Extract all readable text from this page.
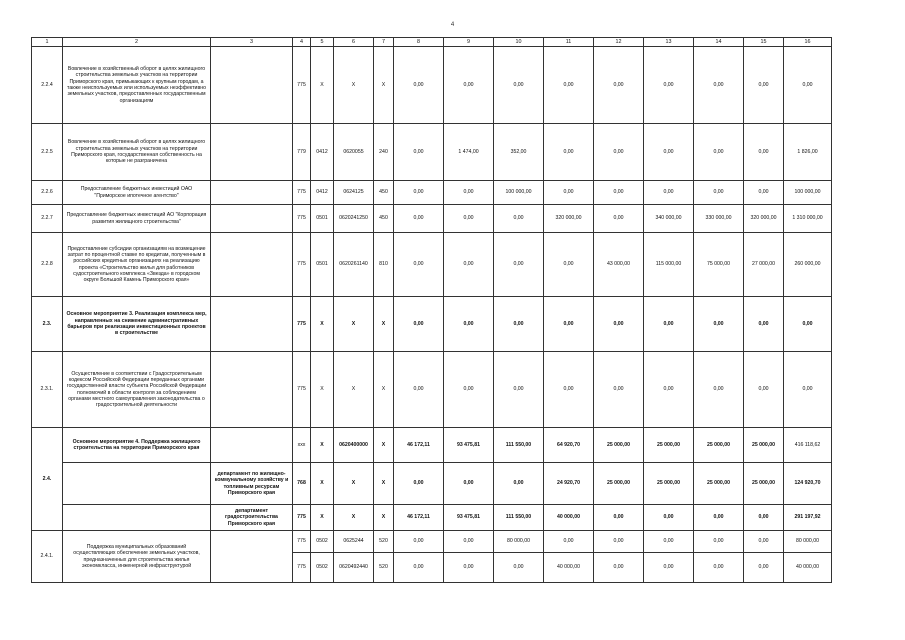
4
1	2	3	4	5	6	7	8	9	10	11	12	13	14	15	16
2.2.4	Вовлечение в хозяйственный оборот в целях жилищного строительства земельных участков на территории Приморского края, примыкающих к крупным городам, а также неиспользуемых или используемых неэффективно земельных участков, предоставленных государственным организациям		775	X	X	X	0,00	0,00	0,00	0,00	0,00	0,00	0,00	0,00	0,00
2.2.5	Вовлечение в хозяйственный оборот в целях жилищного строительства земельных участков на территории Приморского края, государственная собственность на которые не разграничена		779	0412	0620055	240	0,00	1 474,00	352,00	0,00	0,00	0,00	0,00	0,00	1 826,00
2.2.6	Предоставление бюджетных инвестиций ОАО "Приморское ипотечное агентство"		775	0412	0624125	450	0,00	0,00	100 000,00	0,00	0,00	0,00	0,00	0,00	100 000,00
2.2.7	Предоставление бюджетных инвестиций АО "Корпорация развития жилищного строительства"		775	0501	0620241250	450	0,00	0,00	0,00	320 000,00	0,00	340 000,00	330 000,00	320 000,00	1 310 000,00
2.2.8	Предоставление субсидии организациям на возмещение затрат по процентной ставке по кредитам, полученным в российских кредитных организациях на реализацию проекта «Строительство жилья для работников судостроительного комплекса «Звезда» в городском округе Большой Камень Приморского края»		775	0501	0620261140	810	0,00	0,00	0,00	0,00	43 000,00	115 000,00	75 000,00	27 000,00	260 000,00
2.3.	Основное мероприятие 3. Реализация комплекса мер, направленных на снижение административных барьеров при реализации инвестиционных проектов в строительстве		775	X	X	X	0,00	0,00	0,00	0,00	0,00	0,00	0,00	0,00	0,00
2.3.1.	Осуществление в соответствии с Градостроительным кодексом Российской Федерации переданных органами государственной власти субъекта Российской Федерации полномочий в области контроля за соблюдением органами местного самоуправления законодательства о градостроительной деятельности		775	X	X	X	0,00	0,00	0,00	0,00	0,00	0,00	0,00	0,00	0,00
2.4.	Основное мероприятие 4. Поддержка жилищного строительства на территории Приморского края		xxx	X	0620400000	X	46 172,11	93 475,81	111 550,00	64 920,70	25 000,00	25 000,00	25 000,00	25 000,00	416 118,62
		департамент по жилищно-коммунальному хозяйству и топливным ресурсам Приморского края	768	X	X	X	0,00	0,00	0,00	24 920,70	25 000,00	25 000,00	25 000,00	25 000,00	124 920,70
		департамент градостроительства Приморского края	775	X	X	X	46 172,11	93 475,81	111 550,00	40 000,00	0,00	0,00	0,00	0,00	291 197,92
2.4.1.	Поддержка муниципальных образований осуществляющих обеспечение земельных участков, предназначенных для строительства жилья экономкласса, инженерной инфраструктурой		775	0502	0625244	520	0,00	0,00	80 000,00	0,00	0,00	0,00	0,00	0,00	80 000,00
			775	0502	0620492440	520	0,00	0,00	0,00	40 000,00	0,00	0,00	0,00	0,00	40 000,00
